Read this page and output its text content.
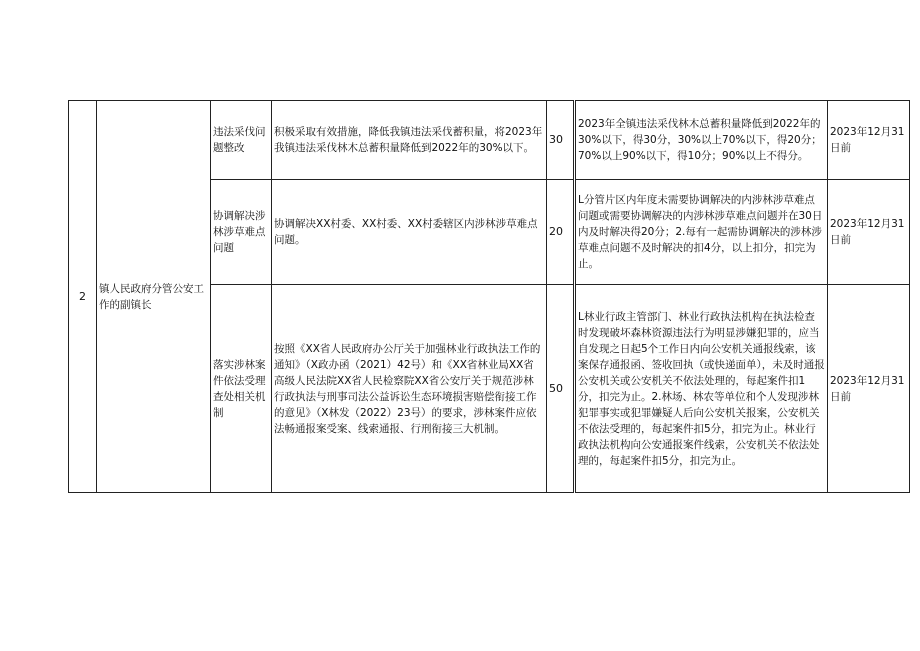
2	镇人民政府分管公安工作的副镇长	违法采伐问题整改	积极采取有效措施，降低我镇违法采伐蓄积量，将2023年我镇违法采伐林木总蓄积量降低到2022年的30%以下。	30	2023年全镇违法采伐林木总蓄积量降低到2022年的30%以下，得30分，30%以上70%以下，得20分；70%以上90%以下，得10分；90%以上不得分。	2023年12月31日前
		协调解决涉林涉草难点问题	协调解决XX村委、XX村委、XX村委辖区内涉林涉草难点问题。	20	L分管片区内年度未需要协调解决的内涉林涉草难点问题或需要协调解决的内涉林涉草难点问题并在30日内及时解决得20分；2.每有一起需协调解决的涉林涉草难点问题不及时解决的扣4分，以上扣分，扣完为止。	2023年12月31日前
		落实涉林案件依法受理查处相关机制	按照《XX省人民政府办公厅关于加强林业行政执法工作的通知》（X政办函（2021）42号）和《XX省林业局XX省高级人民法院XX省人民检察院XX省公安厅关于规范涉林行政执法与刑事司法公益诉讼生态环境损害赔偿衔接工作的意见》（X林发（2022）23号）的要求，涉林案件应依法畅通报案受案、线索通报、行刑衔接三大机制。	50	L林业行政主管部门、林业行政执法机构在执法检查时发现破坏森林资源违法行为明显涉嫌犯罪的，应当自发现之日起5个工作日内向公安机关通报线索，该案保存通报函、签收回执（或快递面单），未及时通报公安机关或公安机关不依法处理的，每起案件扣1分，扣完为止。2.林场、林农等单位和个人发现涉林犯罪事实或犯罪嫌疑人后向公安机关报案，公安机关不依法受理的，每起案件扣5分，扣完为止。林业行政执法机构向公安通报案件线索，公安机关不依法处理的，每起案件扣5分，扣完为止。	2023年12月31日前
